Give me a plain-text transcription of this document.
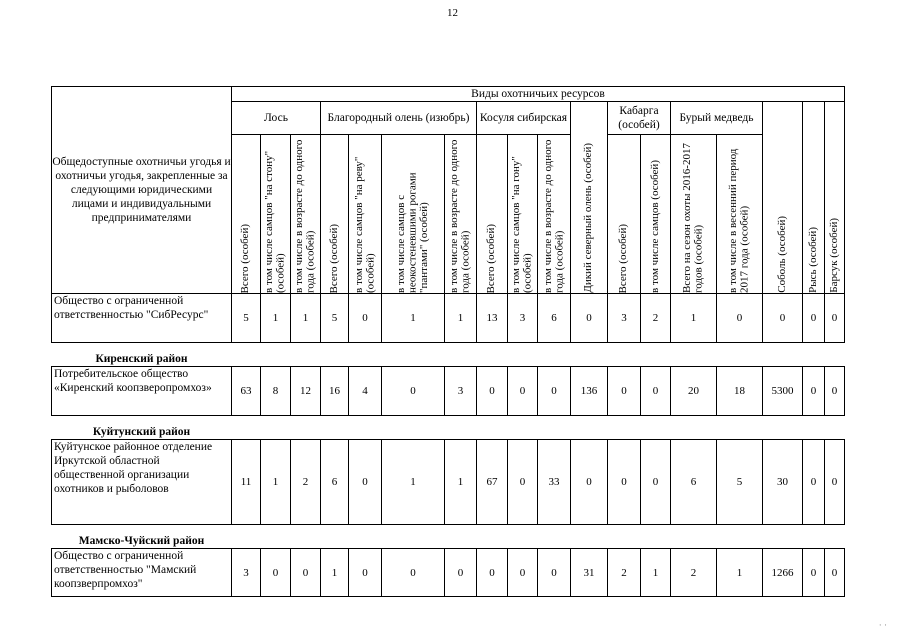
12
Общедоступные охотничьи угодья и охотничьи угодья, закрепленные за следующими юридическими лицами и индивидуальными предпринимателями	Виды охотничьих ресурсов																	
	Лось			Благородный олень (изюбрь)				Косуля сибирская			Дикий северный олень (особей)	Кабарга (особей)		Бурый медведь		Соболь (особей)	Рысь (особей)	Барсук (особей)

	Всего (особей)	в том числе самцов "на стону" (особей)	в том числе в возрасте до одного года (особей)	Всего (особей)	в том числе самцов "на реву" (особей)	в том числе самцов с неокостеневшими рогами "пантами" (особей)	в том числе в возрасте до одного года (особей)	Всего (особей)	в том числе самцов "на гону" (особей)	в том числе в возрасте до одного года (особей)		Всего (особей)	в том числе самцов (особей)	Всего на сезон охоты 2016-2017 годов (особей)	в том числе в весенний период 2017 года (особей)			

Общество с ограниченной ответственностью "СибРесурс"	5	1	1	5	0	1	1	13	3	6	0	3	2	1	0	0	0	0

Киренский район																		
Потребительское общество «Киренский коопзверопромхоз»	63	8	12	16	4	0	3	0	0	0	136	0	0	20	18	5300	0	0

Куйтунский район																		
Куйтунское районное отделение Иркутской областной общественной организации охотников и рыболовов	11	1	2	6	0	1	1	67	0	33	0	0	0	6	5	30	0	0

Мамско-Чуйский район																		
Общество с ограниченной ответственностью "Мамский коопзверпромхоз"	3	0	0	1	0	0	0	0	0	0	31	2	1	2	1	1266	0	0
· ·
